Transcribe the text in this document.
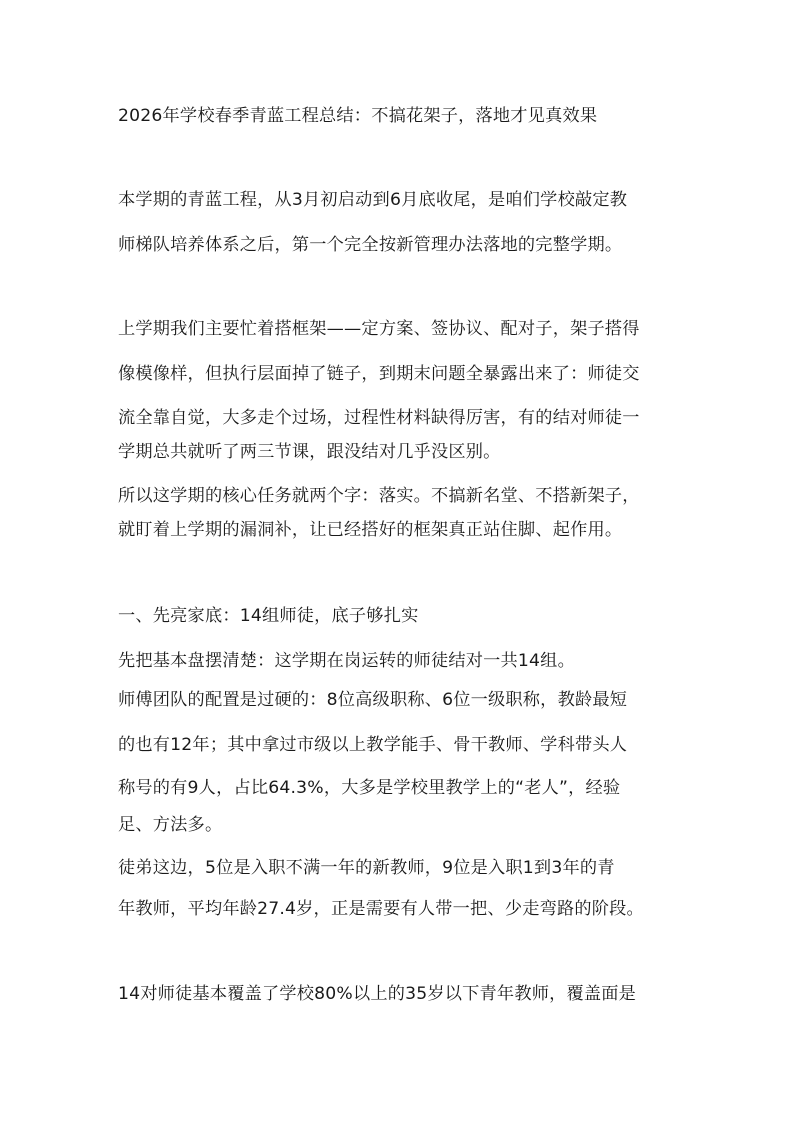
2026年学校春季青蓝工程总结：不搞花架子，落地才见真效果
本学期的青蓝工程，从3月初启动到6月底收尾，是咱们学校敲定教
师梯队培养体系之后，第一个完全按新管理办法落地的完整学期。
上学期我们主要忙着搭框架——定方案、签协议、配对子，架子搭得
像模像样，但执行层面掉了链子，到期末问题全暴露出来了：师徒交
流全靠自觉，大多走个过场，过程性材料缺得厉害，有的结对师徒一
学期总共就听了两三节课，跟没结对几乎没区别。
所以这学期的核心任务就两个字：落实。不搞新名堂、不搭新架子，
就盯着上学期的漏洞补，让已经搭好的框架真正站住脚、起作用。
一、先亮家底：14组师徒，底子够扎实
先把基本盘摆清楚：这学期在岗运转的师徒结对一共14组。
师傅团队的配置是过硬的：8位高级职称、6位一级职称，教龄最短
的也有12年；其中拿过市级以上教学能手、骨干教师、学科带头人
称号的有9人，占比64.3%，大多是学校里教学上的“老人”，经验
足、方法多。
徒弟这边，5位是入职不满一年的新教师，9位是入职1到3年的青
年教师，平均年龄27.4岁，正是需要有人带一把、少走弯路的阶段。
14对师徒基本覆盖了学校80%以上的35岁以下青年教师，覆盖面是
